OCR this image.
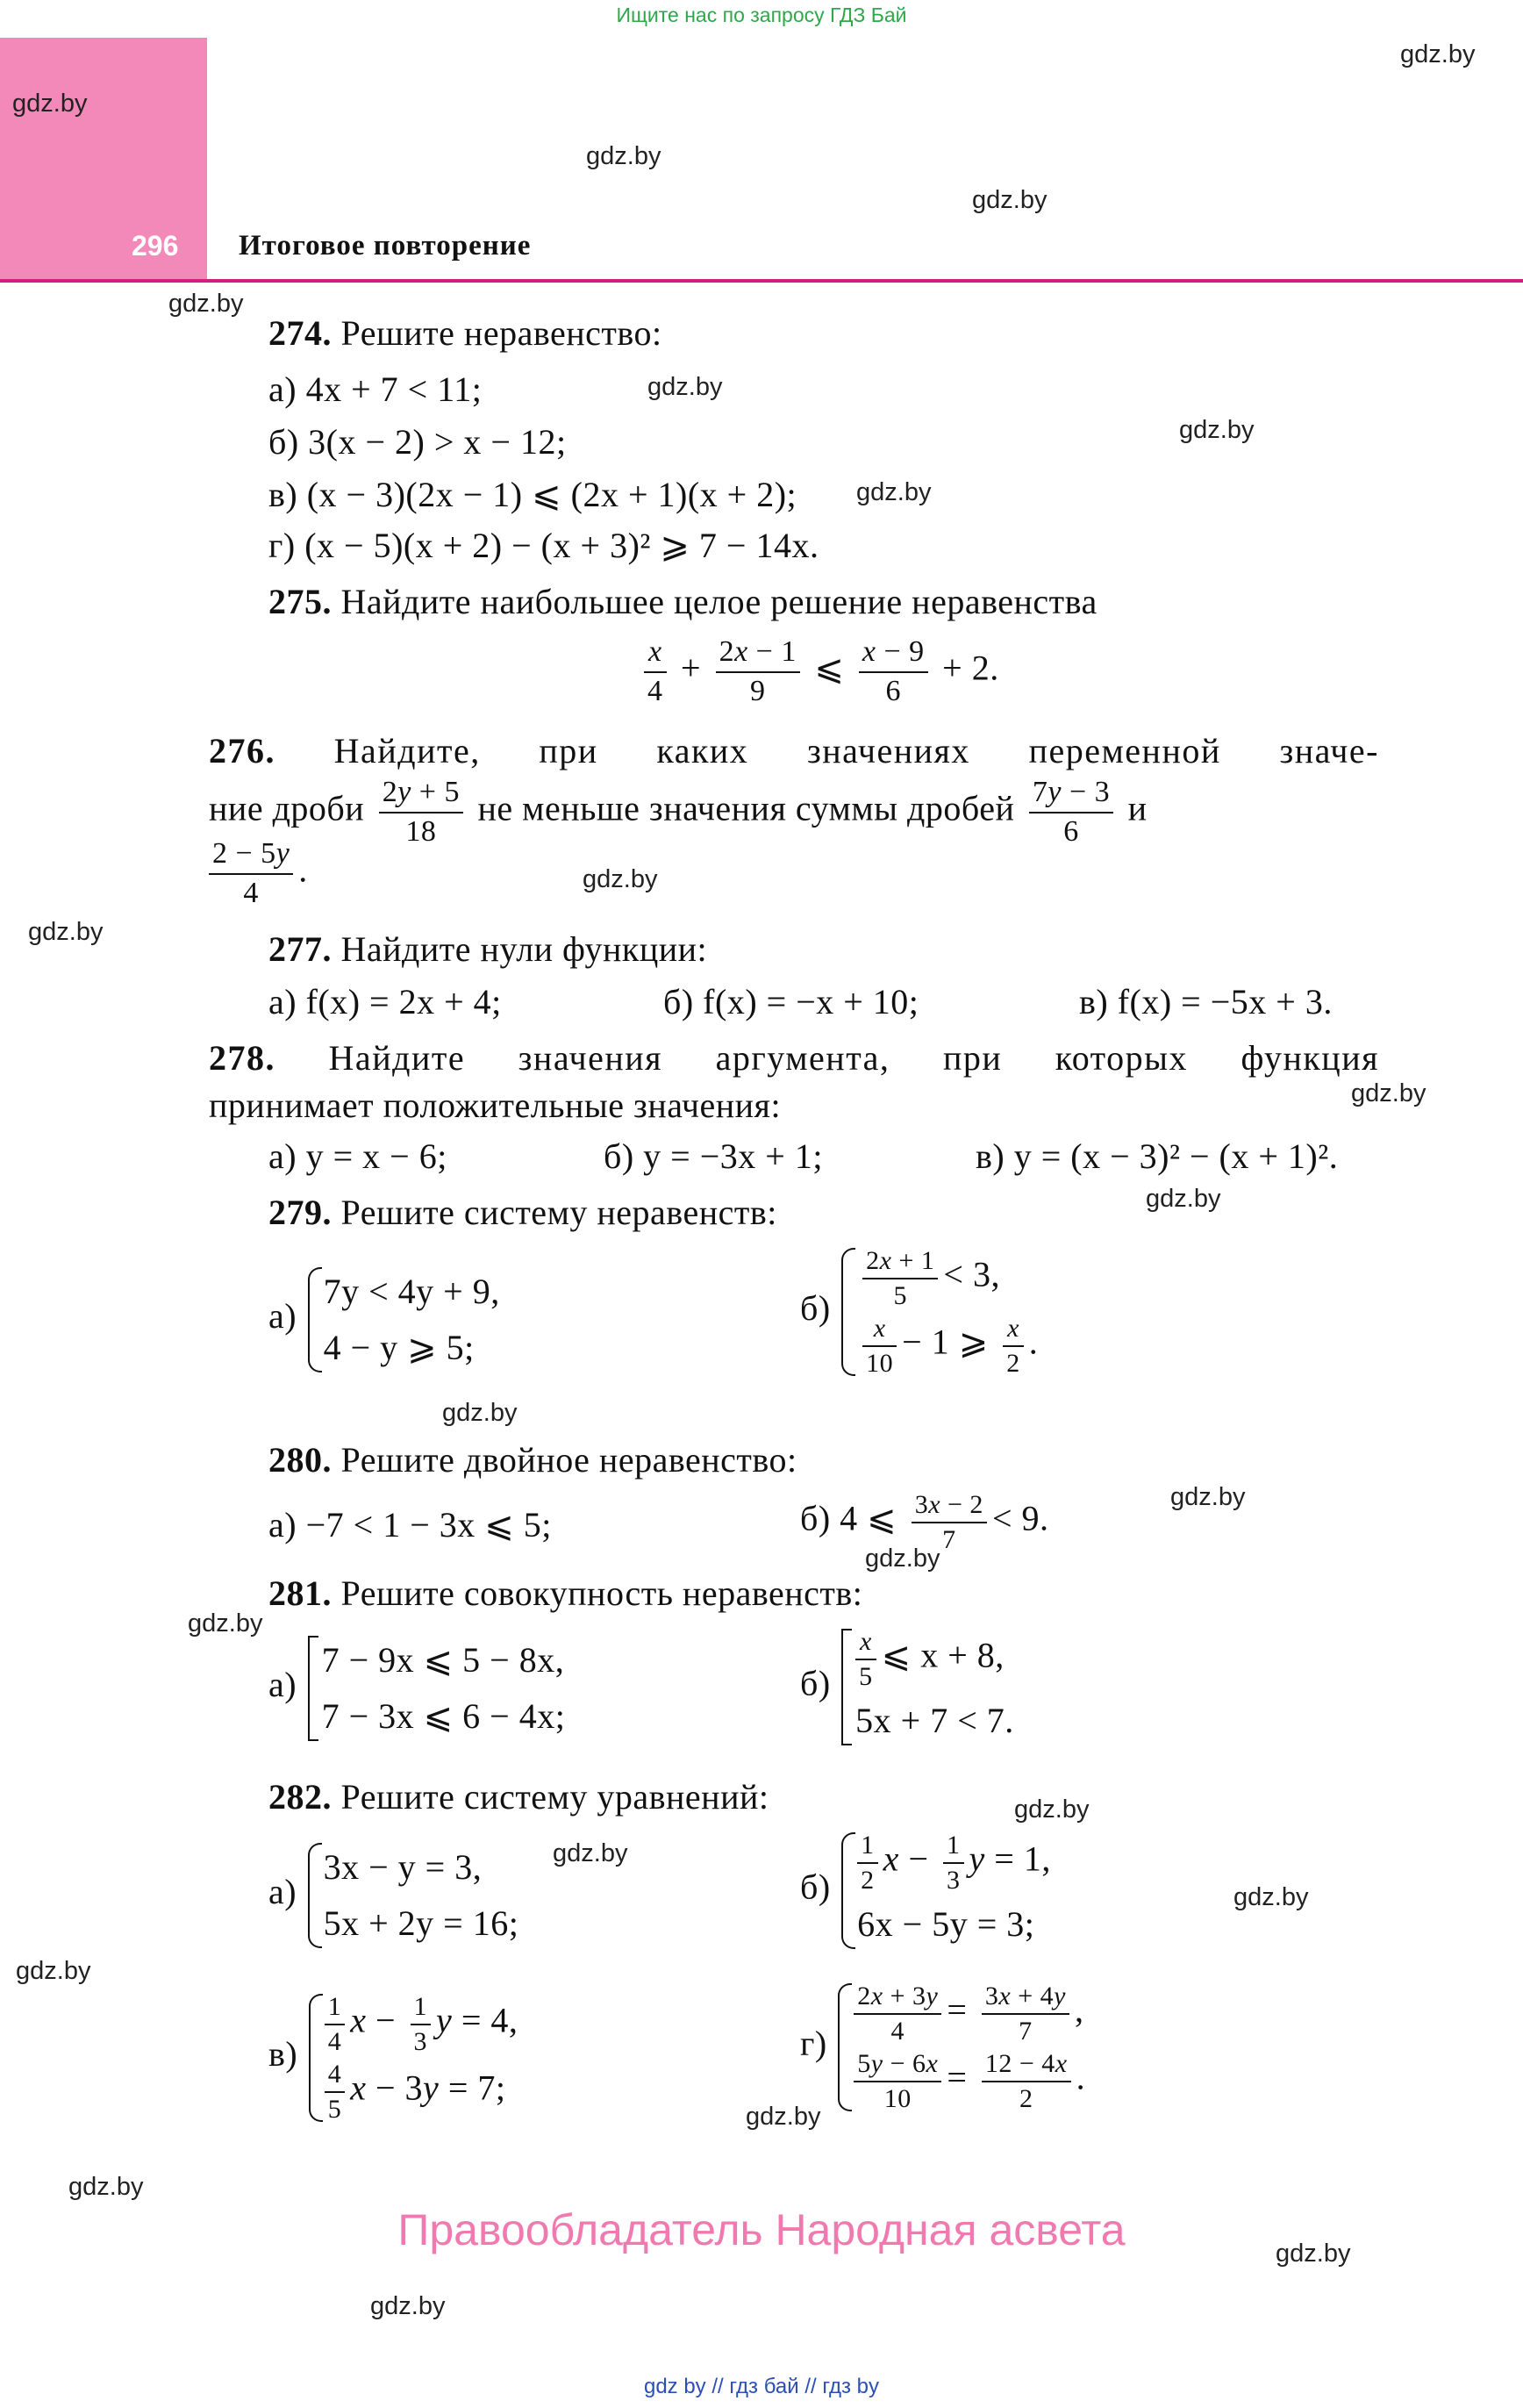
Ищите нас по запросу ГДЗ Бай
296 Итоговое повторение
gdz.by
gdz.by
gdz.by
gdz.by
gdz.by
gdz.by
gdz.by
gdz.by
gdz.by
gdz.by
gdz.by
gdz.by
gdz.by
gdz.by
gdz.by
gdz.by
gdz.by
gdz.by
gdz.by
gdz.by
gdz.by
gdz.by
gdz.by
gdz.by
274. Решите неравенство:
а) 4x + 7 < 11;
б) 3(x − 2) > x − 12;
в) (x − 3)(2x − 1) ⩽ (2x + 1)(x + 2);
г) (x − 5)(x + 2) − (x + 3)² ⩾ 7 − 14x.
275. Найдите наибольшее целое решение неравенства
$\frac{x}{4} + \frac{2x - 1}{9}$ ⩽ $\frac{x - 9}{6} + 2$.
276. Найдите, при каких значениях переменной значе-
ние дроби $\frac{2y + 5}{18}$ не меньше значения суммы дробей $\frac{7y - 3}{6}$ и
$\frac{2 - 5y}{4}$ .
277. Найдите нули функции:
а) f(x) = 2x + 4;	б) f(x) = −x + 10;	в) f(x) = −5x + 3.
278. Найдите значения аргумента, при которых функция
принимает положительные значения:
а) y = x − 6;	б) y = −3x + 1;	в) y = (x − 3)² − (x + 1)².
279. Решите систему неравенств:
а)
7y < 4y + 9,
4 − y ⩾ 5;
$б) \frac{2x + 1}{5} < 3$,
$\frac{x}{10} - 1$ ⩾ $\frac{x}{2}$ .
280. Решите двойное неравенство:
а) −7 < 1 − 3x ⩽ 5;	б) 4 ⩽ $\frac{3x - 2}{7} < 9$.
281. Решите совокупность неравенств:
а)
7 − 9x ⩽ 5 − 8x,
7 − 3x ⩽ 6 − 4x;
$б) \frac{x}{5}$ ⩽ x + 8,
5x + 7 < 7.
282. Решите систему уравнений:
а)
3x − y = 3,
5x + 2y = 16;
$б) \frac{1}{2}$ $x - \frac{1}{3}$ y = 1,
6x − 5y = 3;
$в) \frac{1}{4}$ $x - \frac{1}{3}$ y = 4,
$\frac{4}{5}$ x − 3y = 7;
$г) \frac{2x + 3y}{4} = \frac{3x + 4y}{7}$ ,
$\frac{5y - 6x}{10} = \frac{12 - 4x}{2}$ .
Правообладатель Народная асвета
gdz by // гдз бай // гдз by
